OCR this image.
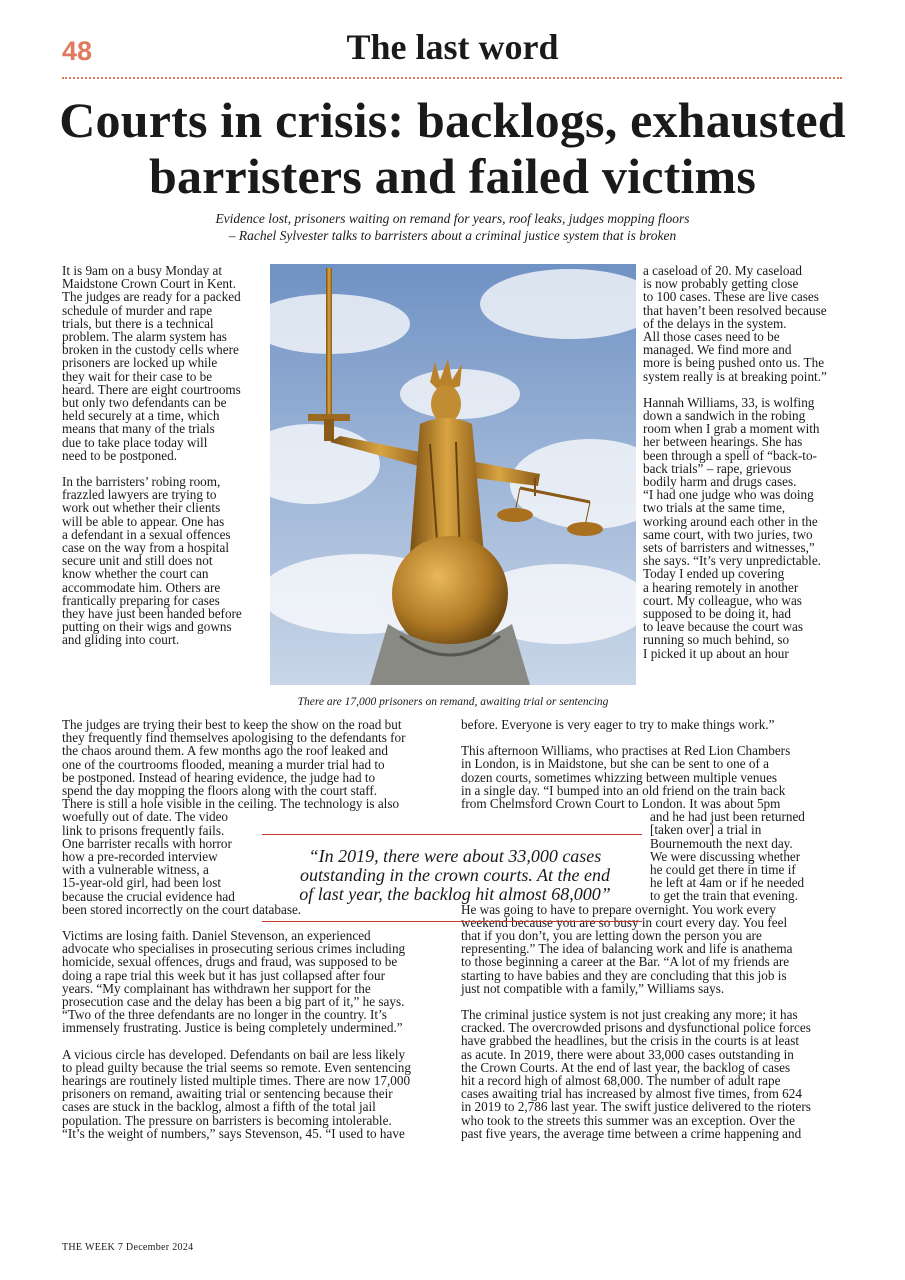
48	The last word
Courts in crisis: backlogs, exhausted
barristers and failed victims
Evidence lost, prisoners waiting on remand for years, roof leaks, judges mopping floors
– Rachel Sylvester talks to barristers about a criminal justice system that is broken

It is 9am on a busy Monday at
Maidstone Crown Court in Kent.
The judges are ready for a packed
schedule of murder and rape
trials, but there is a technical
problem. The alarm system has
broken in the custody cells where
prisoners are locked up while
they wait for their case to be
heard. There are eight courtrooms
but only two defendants can be
held securely at a time, which
means that many of the trials
due to take place today will
need to be postponed.

In the barristers’ robing room,
frazzled lawyers are trying to
work out whether their clients
will be able to appear. One has
a defendant in a sexual offences
case on the way from a hospital
secure unit and still does not
know whether the court can
accommodate him. Others are
frantically preparing for cases
they have just been handed before
putting on their wigs and gowns
and gliding into court.

There are 17,000 prisoners on remand, awaiting trial or sentencing

a caseload of 20. My caseload
is now probably getting close
to 100 cases. These are live cases
that haven’t been resolved because
of the delays in the system.
All those cases need to be
managed. We find more and
more is being pushed onto us. The
system really is at breaking point.”

Hannah Williams, 33, is wolfing
down a sandwich in the robing
room when I grab a moment with
her between hearings. She has
been through a spell of “back-to-
back trials” – rape, grievous
bodily harm and drugs cases.
“I had one judge who was doing
two trials at the same time,
working around each other in the
same court, with two juries, two
sets of barristers and witnesses,”
she says. “It’s very unpredictable.
Today I ended up covering
a hearing remotely in another
court. My colleague, who was
supposed to be doing it, had
to leave because the court was
running so much behind, so
I picked it up about an hour

The judges are trying their best to keep the show on the road but
they frequently find themselves apologising to the defendants for
the chaos around them. A few months ago the roof leaked and
one of the courtrooms flooded, meaning a murder trial had to
be postponed. Instead of hearing evidence, the judge had to
spend the day mopping the floors along with the court staff.
There is still a hole visible in the ceiling. The technology is also

woefully out of date. The video
link to prisons frequently fails.
One barrister recalls with horror
how a pre-recorded interview
with a vulnerable witness, a
15-year-old girl, had been lost
because the crucial evidence had

been stored incorrectly on the court database.

Victims are losing faith. Daniel Stevenson, an experienced
advocate who specialises in prosecuting serious crimes including
homicide, sexual offences, drugs and fraud, was supposed to be
doing a rape trial this week but it has just collapsed after four
years. “My complainant has withdrawn her support for the
prosecution case and the delay has been a big part of it,” he says.
“Two of the three defendants are no longer in the country. It’s
immensely frustrating. Justice is being completely undermined.”

A vicious circle has developed. Defendants on bail are less likely
to plead guilty because the trial seems so remote. Even sentencing
hearings are routinely listed multiple times. There are now 17,000
prisoners on remand, awaiting trial or sentencing because their
cases are stuck in the backlog, almost a fifth of the total jail
population. The pressure on barristers is becoming intolerable.
“It’s the weight of numbers,” says Stevenson, 45. “I used to have

before. Everyone is very eager to try to make things work.”

This afternoon Williams, who practises at Red Lion Chambers
in London, is in Maidstone, but she can be sent to one of a
dozen courts, sometimes whizzing between multiple venues
in a single day. “I bumped into an old friend on the train back
from Chelmsford Crown Court to London. It was about 5pm

and he had just been returned
[taken over] a trial in
Bournemouth the next day.
We were discussing whether
he could get there in time if
he left at 4am or if he needed
to get the train that evening.

He was going to have to prepare overnight. You work every
weekend because you are so busy in court every day. You feel
that if you don’t, you are letting down the person you are
representing.” The idea of balancing work and life is anathema
to those beginning a career at the Bar. “A lot of my friends are
starting to have babies and they are concluding that this job is
just not compatible with a family,” Williams says.

The criminal justice system is not just creaking any more; it has
cracked. The overcrowded prisons and dysfunctional police forces
have grabbed the headlines, but the crisis in the courts is at least
as acute. In 2019, there were about 33,000 cases outstanding in
the Crown Courts. At the end of last year, the backlog of cases
hit a record high of almost 68,000. The number of adult rape
cases awaiting trial has increased by almost five times, from 624
in 2019 to 2,786 last year. The swift justice delivered to the rioters
who took to the streets this summer was an exception. Over the
past five years, the average time between a crime happening and

“In 2019, there were about 33,000 cases
outstanding in the crown courts. At the end
of last year, the backlog hit almost 68,000”
THE WEEK 7 December 2024
